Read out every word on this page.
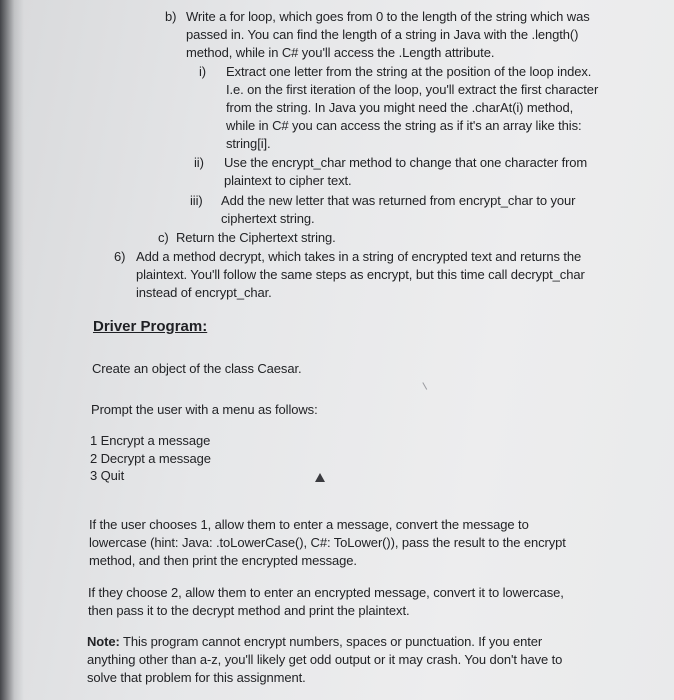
b) Write a for loop, which goes from 0 to the length of the string which was
passed in. You can find the length of a string in Java with the .length()
method, while in C# you'll access the .Length attribute.
i) Extract one letter from the string at the position of the loop index.
I.e. on the first iteration of the loop, you'll extract the first character
from the string. In Java you might need the .charAt(i) method,
while in C# you can access the string as if it's an array like this:
string[i].
ii) Use the encrypt_char method to change that one character from
plaintext to cipher text.
iii) Add the new letter that was returned from encrypt_char to your
ciphertext string.
c) Return the Ciphertext string.
6) Add a method decrypt, which takes in a string of encrypted text and returns the
plaintext. You'll follow the same steps as encrypt, but this time call decrypt_char
instead of encrypt_char.
Driver Program:
Create an object of the class Caesar.
Prompt the user with a menu as follows:
1 Encrypt a message
2 Decrypt a message
3 Quit
If the user chooses 1, allow them to enter a message, convert the message to
lowercase (hint: Java: .toLowerCase(), C#: ToLower()), pass the result to the encrypt
method, and then print the encrypted message.
If they choose 2, allow them to enter an encrypted message, convert it to lowercase,
then pass it to the decrypt method and print the plaintext.
Note: This program cannot encrypt numbers, spaces or punctuation. If you enter
anything other than a-z, you'll likely get odd output or it may crash. You don't have to
solve that problem for this assignment.
